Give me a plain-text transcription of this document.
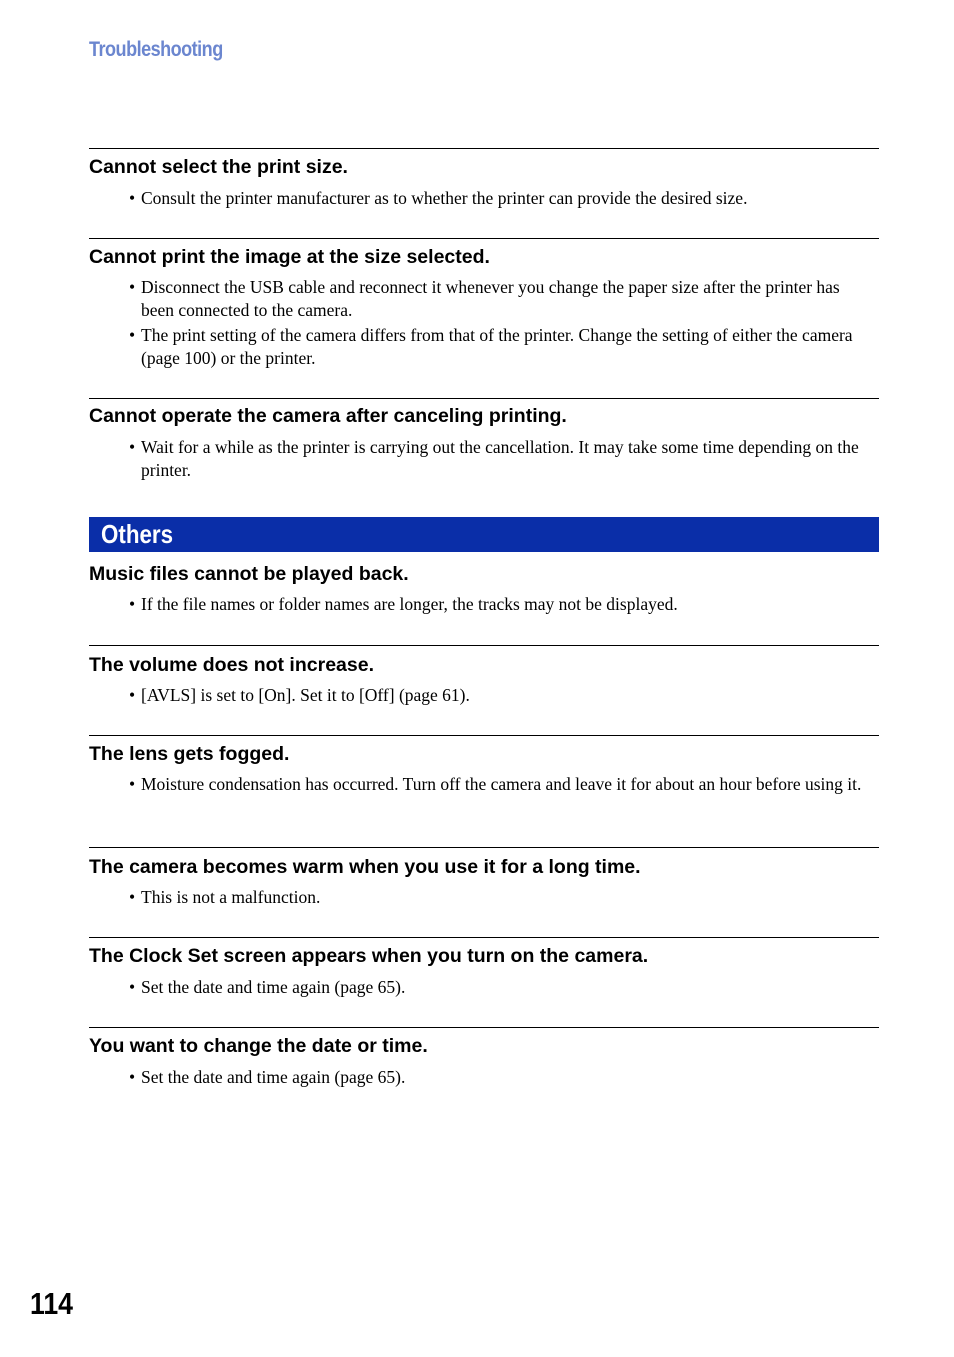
Troubleshooting
Cannot select the print size.
• Consult the printer manufacturer as to whether the printer can provide the desired size.
Cannot print the image at the size selected.
• Disconnect the USB cable and reconnect it whenever you change the paper size after the printer has been connected to the camera.
• The print setting of the camera differs from that of the printer. Change the setting of either the camera (page 100) or the printer.
Cannot operate the camera after canceling printing.
• Wait for a while as the printer is carrying out the cancellation. It may take some time depending on the printer.
Others
Music files cannot be played back.
• If the file names or folder names are longer, the tracks may not be displayed.
The volume does not increase.
• [AVLS] is set to [On]. Set it to [Off] (page 61).
The lens gets fogged.
• Moisture condensation has occurred. Turn off the camera and leave it for about an hour before using it.
The camera becomes warm when you use it for a long time.
• This is not a malfunction.
The Clock Set screen appears when you turn on the camera.
• Set the date and time again (page 65).
You want to change the date or time.
• Set the date and time again (page 65).
114
